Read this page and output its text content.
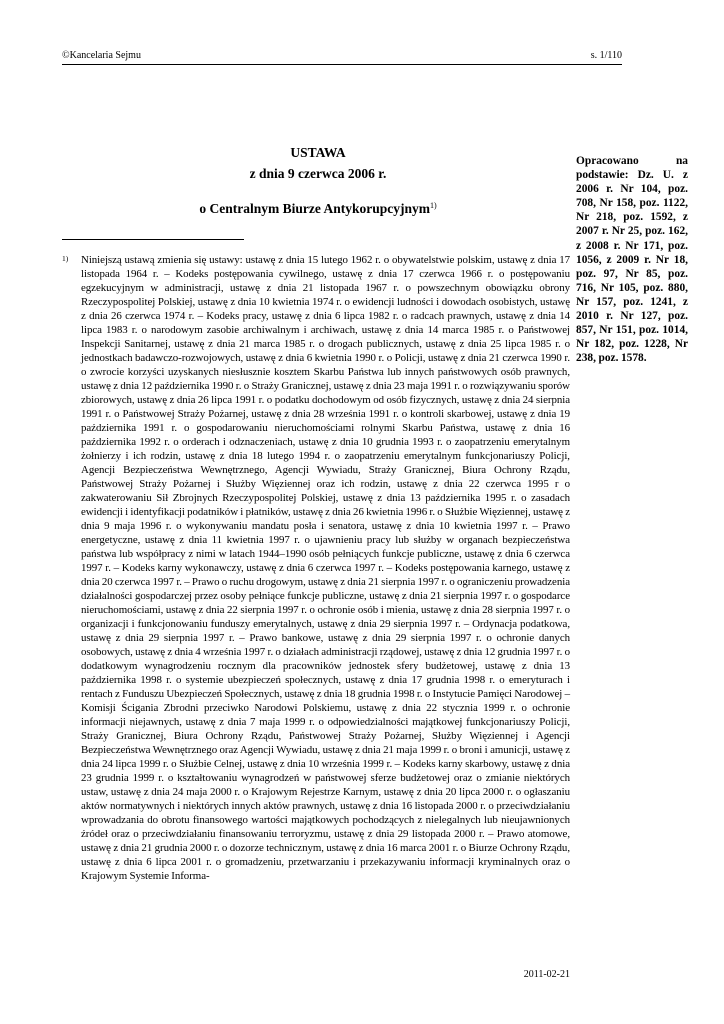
©Kancelaria Sejmu	s. 1/110
USTAWA
z dnia 9 czerwca 2006 r.
o Centralnym Biurze Antykorupcyjnym$^{1)}$
Opracowano na podstawie: Dz. U. z 2006 r. Nr 104, poz. 708, Nr 158, poz. 1122, Nr 218, poz. 1592, z 2007 r. Nr 25, poz. 162, z 2008 r. Nr 171, poz. 1056, z 2009 r. Nr 18, poz. 97, Nr 85, poz. 716, Nr 105, poz. 880, Nr 157, poz. 1241, z 2010 r. Nr 127, poz. 857, Nr 151, poz. 1014, Nr 182, poz. 1228, Nr 238, poz. 1578.
1) Niniejszą ustawą zmienia się ustawy: ustawę z dnia 15 lutego 1962 r. o obywatelstwie polskim, ustawę z dnia 17 listopada 1964 r. – Kodeks postępowania cywilnego, ustawę z dnia 17 czerwca 1966 r. o postępowaniu egzekucyjnym w administracji, ustawę z dnia 21 listopada 1967 r. o powszechnym obowiązku obrony Rzeczypospolitej Polskiej, ustawę z dnia 10 kwietnia 1974 r. o ewidencji ludności i dowodach osobistych, ustawę z dnia 26 czerwca 1974 r. – Kodeks pracy, ustawę z dnia 6 lipca 1982 r. o radcach prawnych, ustawę z dnia 14 lipca 1983 r. o narodowym zasobie archiwalnym i archiwach, ustawę z dnia 14 marca 1985 r. o Państwowej Inspekcji Sanitarnej, ustawę z dnia 21 marca 1985 r. o drogach publicznych, ustawę z dnia 25 lipca 1985 r. o jednostkach badawczo-rozwojowych, ustawę z dnia 6 kwietnia 1990 r. o Policji, ustawę z dnia 21 czerwca 1990 r. o zwrocie korzyści uzyskanych niesłusznie kosztem Skarbu Państwa lub innych państwowych osób prawnych, ustawę z dnia 12 października 1990 r. o Straży Granicznej, ustawę z dnia 23 maja 1991 r. o rozwiązywaniu sporów zbiorowych, ustawę z dnia 26 lipca 1991 r. o podatku dochodowym od osób fizycznych, ustawę z dnia 24 sierpnia 1991 r. o Państwowej Straży Pożarnej, ustawę z dnia 28 września 1991 r. o kontroli skarbowej, ustawę z dnia 19 października 1991 r. o gospodarowaniu nieruchomościami rolnymi Skarbu Państwa, ustawę z dnia 16 października 1992 r. o orderach i odznaczeniach, ustawę z dnia 10 grudnia 1993 r. o zaopatrzeniu emerytalnym żołnierzy i ich rodzin, ustawę z dnia 18 lutego 1994 r. o zaopatrzeniu emerytalnym funkcjonariuszy Policji, Agencji Bezpieczeństwa Wewnętrznego, Agencji Wywiadu, Straży Granicznej, Biura Ochrony Rządu, Państwowej Straży Pożarnej i Służby Więziennej oraz ich rodzin, ustawę z dnia 22 czerwca 1995 r o zakwaterowaniu Sił Zbrojnych Rzeczypospolitej Polskiej, ustawę z dnia 13 października 1995 r. o zasadach ewidencji i identyfikacji podatników i płatników, ustawę z dnia 26 kwietnia 1996 r. o Służbie Więziennej, ustawę z dnia 9 maja 1996 r. o wykonywaniu mandatu posła i senatora, ustawę z dnia 10 kwietnia 1997 r. – Prawo energetyczne, ustawę z dnia 11 kwietnia 1997 r. o ujawnieniu pracy lub służby w organach bezpieczeństwa państwa lub współpracy z nimi w latach 1944–1990 osób pełniących funkcje publiczne, ustawę z dnia 6 czerwca 1997 r. – Kodeks karny wykonawczy, ustawę z dnia 6 czerwca 1997 r. – Kodeks postępowania karnego, ustawę z dnia 20 czerwca 1997 r. – Prawo o ruchu drogowym, ustawę z dnia 21 sierpnia 1997 r. o ograniczeniu prowadzenia działalności gospodarczej przez osoby pełniące funkcje publiczne, ustawę z dnia 21 sierpnia 1997 r. o gospodarce nieruchomościami, ustawę z dnia 22 sierpnia 1997 r. o ochronie osób i mienia, ustawę z dnia 28 sierpnia 1997 r. o organizacji i funkcjonowaniu funduszy emerytalnych, ustawę z dnia 29 sierpnia 1997 r. – Ordynacja podatkowa, ustawę z dnia 29 sierpnia 1997 r. – Prawo bankowe, ustawę z dnia 29 sierpnia 1997 r. o ochronie danych osobowych, ustawę z dnia 4 września 1997 r. o działach administracji rządowej, ustawę z dnia 12 grudnia 1997 r. o dodatkowym wynagrodzeniu rocznym dla pracowników jednostek sfery budżetowej, ustawę z dnia 13 października 1998 r. o systemie ubezpieczeń społecznych, ustawę z dnia 17 grudnia 1998 r. o emeryturach i rentach z Funduszu Ubezpieczeń Społecznych, ustawę z dnia 18 grudnia 1998 r. o Instytucie Pamięci Narodowej – Komisji Ścigania Zbrodni przeciwko Narodowi Polskiemu, ustawę z dnia 22 stycznia 1999 r. o ochronie informacji niejawnych, ustawę z dnia 7 maja 1999 r. o odpowiedzialności majątkowej funkcjonariuszy Policji, Straży Granicznej, Biura Ochrony Rządu, Państwowej Straży Pożarnej, Służby Więziennej i Agencji Bezpieczeństwa Wewnętrznego oraz Agencji Wywiadu, ustawę z dnia 21 maja 1999 r. o broni i amunicji, ustawę z dnia 24 lipca 1999 r. o Służbie Celnej, ustawę z dnia 10 września 1999 r. – Kodeks karny skarbowy, ustawę z dnia 23 grudnia 1999 r. o kształtowaniu wynagrodzeń w państwowej sferze budżetowej oraz o zmianie niektórych ustaw, ustawę z dnia 24 maja 2000 r. o Krajowym Rejestrze Karnym, ustawę z dnia 20 lipca 2000 r. o ogłaszaniu aktów normatywnych i niektórych innych aktów prawnych, ustawę z dnia 16 listopada 2000 r. o przeciwdziałaniu wprowadzania do obrotu finansowego wartości majątkowych pochodzących z nielegalnych lub nieujawnionych źródeł oraz o przeciwdziałaniu finansowaniu terroryzmu, ustawę z dnia 29 listopada 2000 r. – Prawo atomowe, ustawę z dnia 21 grudnia 2000 r. o dozorze technicznym, ustawę z dnia 16 marca 2001 r. o Biurze Ochrony Rządu, ustawę z dnia 6 lipca 2001 r. o gromadzeniu, przetwarzaniu i przekazywaniu informacji kryminalnych oraz o Krajowym Systemie Informa-
2011-02-21
